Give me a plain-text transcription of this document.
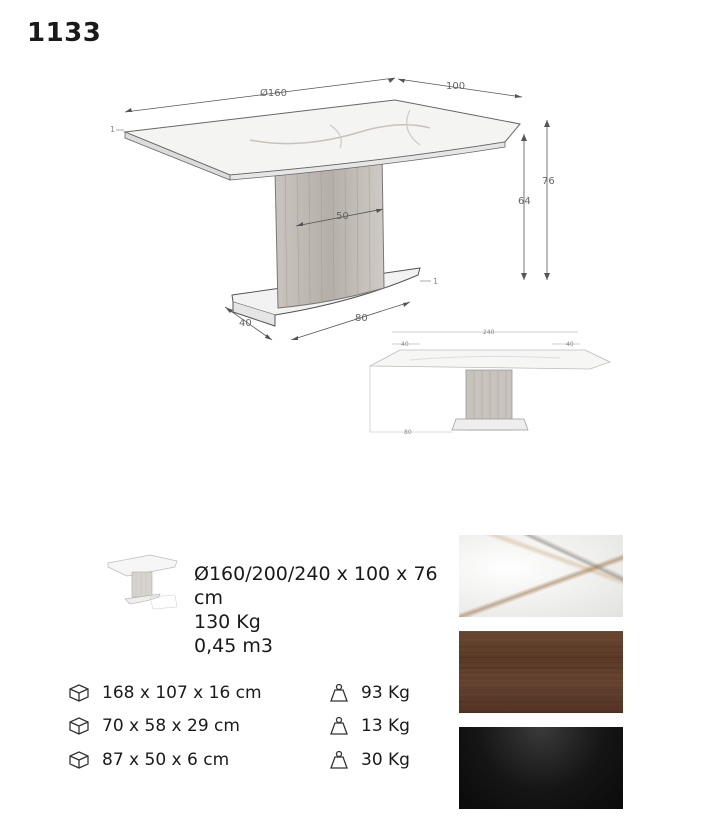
1133
Ø160
100
76
64
50
40	80
1
1
240
40	40
80
Ø160/200/240 x 100 x 76
cm
130 Kg
0,45 m3
168 x 107 x 16 cm	93 Kg
70 x 58 x 29 cm	13 Kg
87 x 50 x 6 cm	30 Kg
